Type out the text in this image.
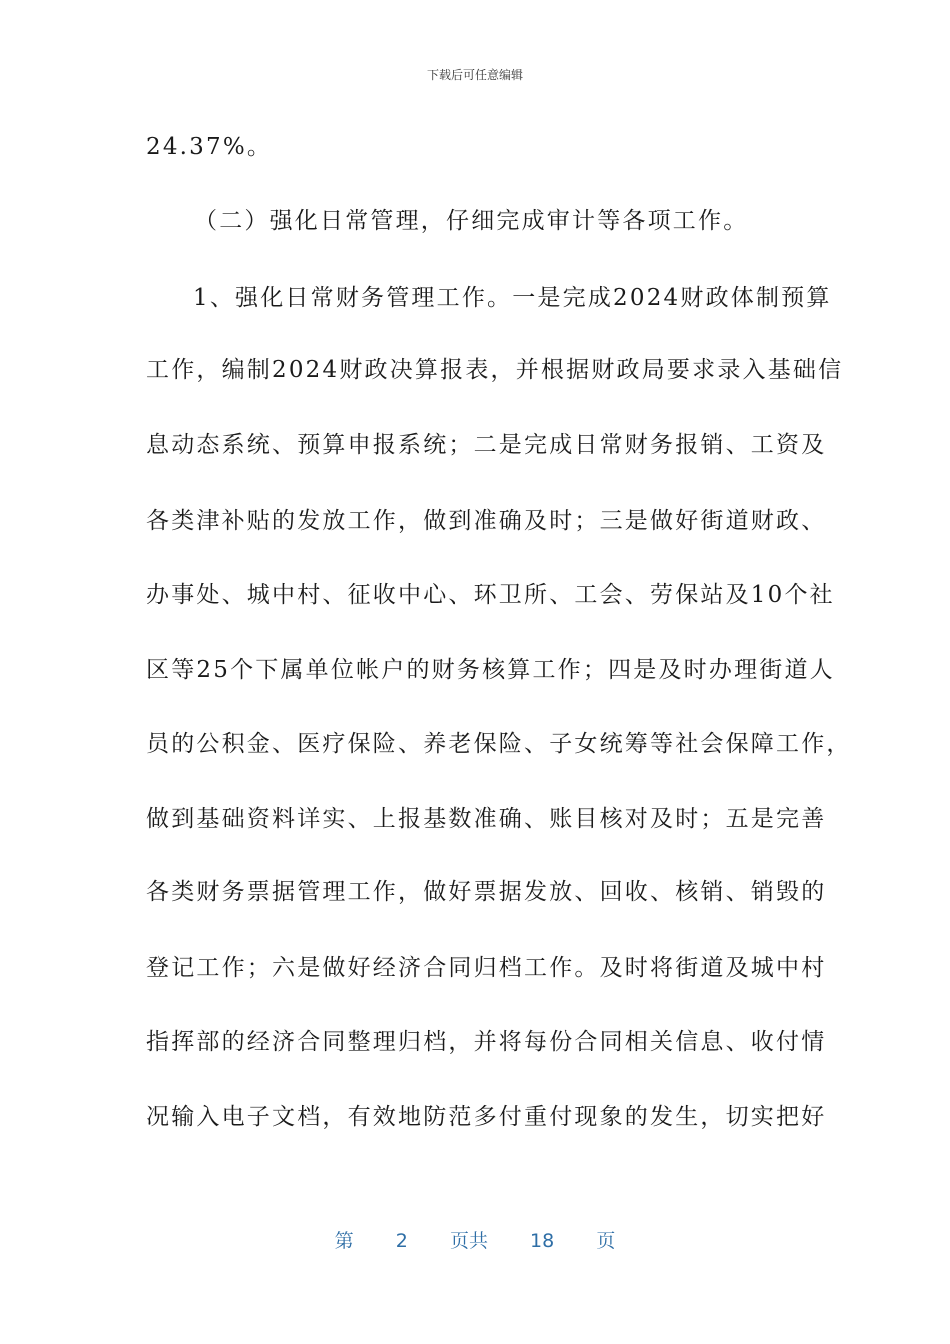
下载后可任意编辑
24.37%。
（二）强化日常管理，仔细完成审计等各项工作。
1、强化日常财务管理工作。一是完成2024财政体制预算
工作，编制2024财政决算报表，并根据财政局要求录入基础信
息动态系统、预算申报系统；二是完成日常财务报销、工资及
各类津补贴的发放工作，做到准确及时；三是做好街道财政、
办事处、城中村、征收中心、环卫所、工会、劳保站及10个社
区等25个下属单位帐户的财务核算工作；四是及时办理街道人
员的公积金、医疗保险、养老保险、子女统筹等社会保障工作，
做到基础资料详实、上报基数准确、账目核对及时；五是完善
各类财务票据管理工作，做好票据发放、回收、核销、销毁的
登记工作；六是做好经济合同归档工作。及时将街道及城中村
指挥部的经济合同整理归档，并将每份合同相关信息、收付情
况输入电子文档，有效地防范多付重付现象的发生，切实把好
第 2 页共 18 页
